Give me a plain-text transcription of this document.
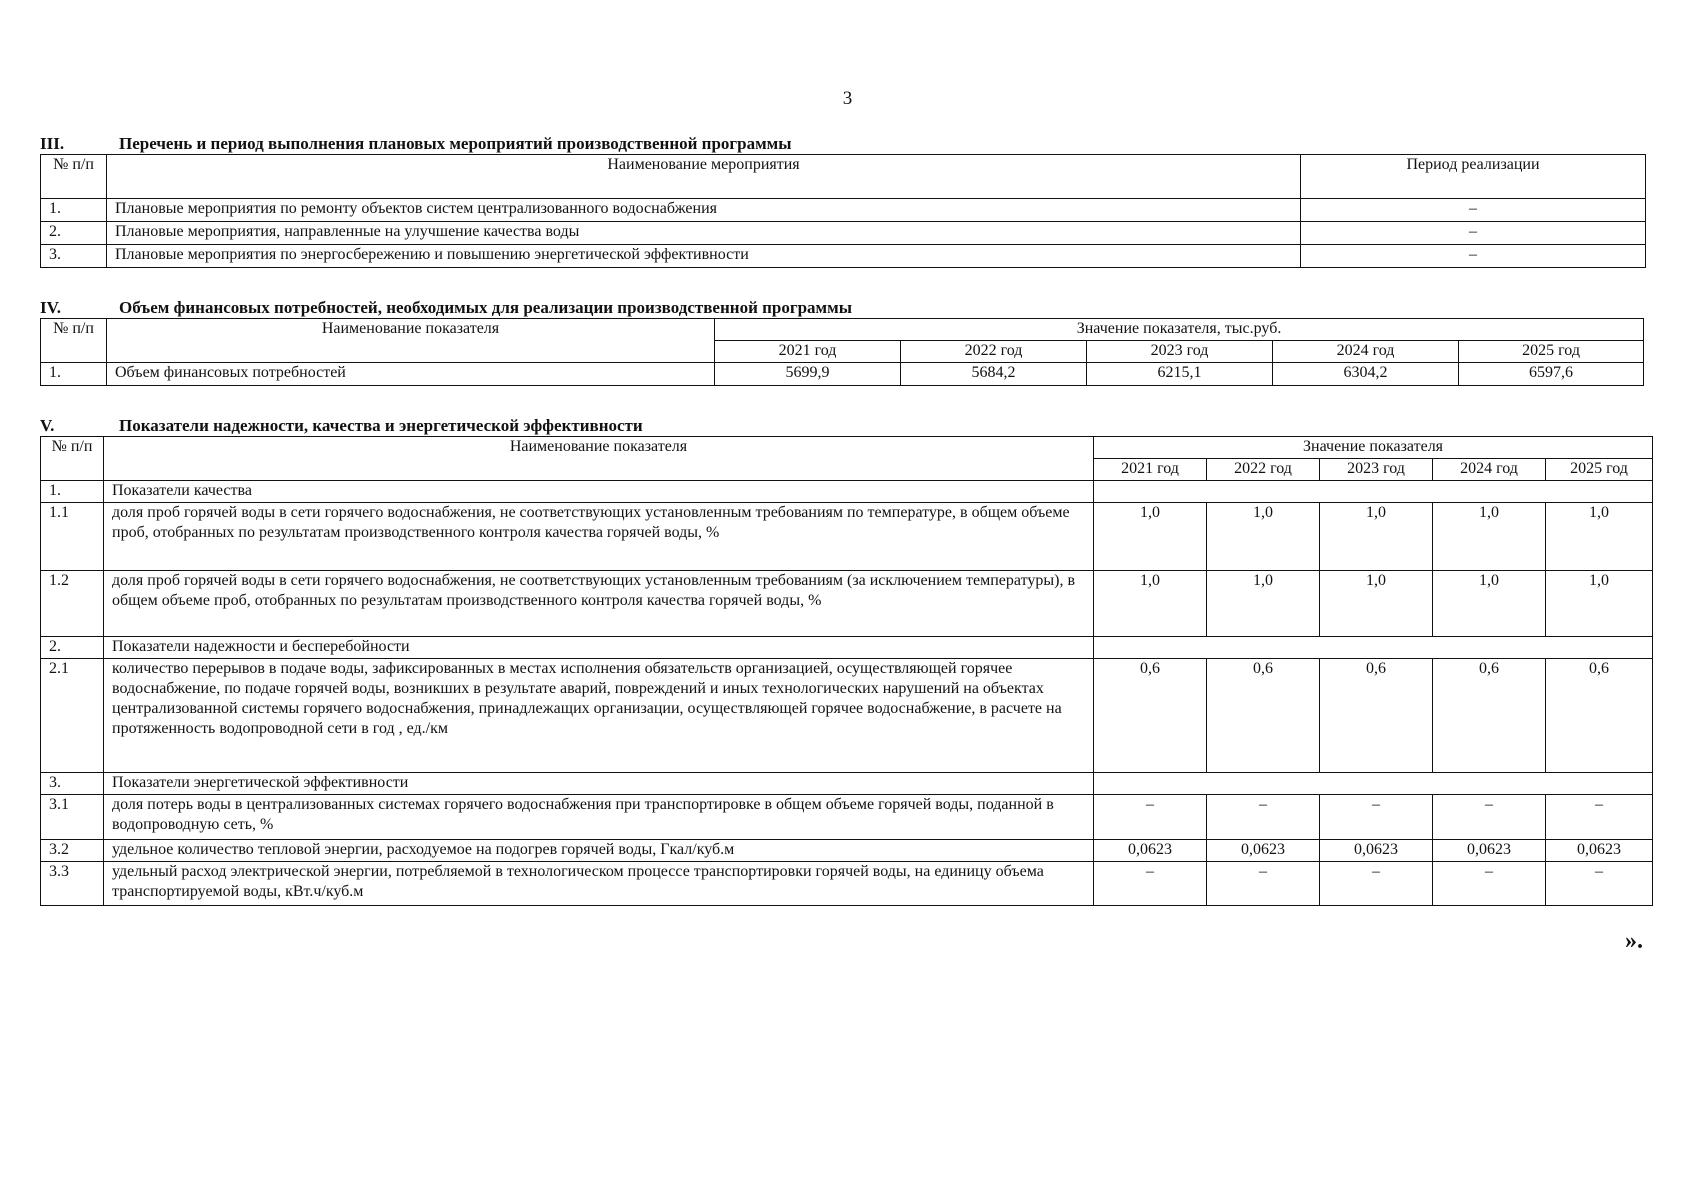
3
III.	Перечень и период выполнения плановых мероприятий производственной программы
№ п/п	Наименование мероприятия	Период реализации
1.	Плановые мероприятия по ремонту объектов систем централизованного водоснабжения	–
2.	Плановые мероприятия, направленные на улучшение качества воды	–
3.	Плановые мероприятия по энергосбережению и повышению энергетической эффективности	–
IV.	Объем финансовых потребностей, необходимых для реализации производственной программы
№ п/п	Наименование показателя	Значение показателя, тыс.руб.				
		2021 год	2022 год	2023 год	2024 год	2025 год
1.	Объем финансовых потребностей	5699,9	5684,2	6215,1	6304,2	6597,6
V.	Показатели надежности, качества и энергетической эффективности
№ п/п	Наименование показателя	Значение показателя				
		2021 год	2022 год	2023 год	2024 год	2025 год
1.	Показатели качества					
1.1	доля проб горячей воды в сети горячего водоснабжения, не соответствующих установленным требованиям по температуре, в общем объеме проб, отобранных по результатам производственного контроля качества горячей воды, %	1,0	1,0	1,0	1,0	1,0
1.2	доля проб горячей воды в сети горячего водоснабжения, не соответствующих установленным требованиям (за исключением температуры), в общем объеме проб, отобранных по результатам производственного контроля качества горячей воды, %	1,0	1,0	1,0	1,0	1,0
2.	Показатели надежности и бесперебойности					
2.1	количество перерывов в подаче воды, зафиксированных в местах исполнения обязательств организацией, осуществляющей горячее водоснабжение, по подаче горячей воды, возникших в результате аварий, повреждений и иных технологических нарушений на объектах централизованной системы горячего водоснабжения, принадлежащих организации, осуществляющей горячее водоснабжение, в расчете на протяженность водопроводной сети в год , ед./км	0,6	0,6	0,6	0,6	0,6
3.	Показатели энергетической эффективности					
3.1	доля потерь воды в централизованных системах горячего водоснабжения при транспортировке в общем объеме горячей воды, поданной в водопроводную сеть, %	–	–	–	–	–
3.2	удельное количество тепловой энергии, расходуемое на подогрев горячей воды, Гкал/куб.м	0,0623	0,0623	0,0623	0,0623	0,0623
3.3	удельный расход электрической энергии, потребляемой в технологическом процессе транспортировки горячей воды, на единицу объема транспортируемой воды, кВт.ч/куб.м	–	–	–	–	–
».
